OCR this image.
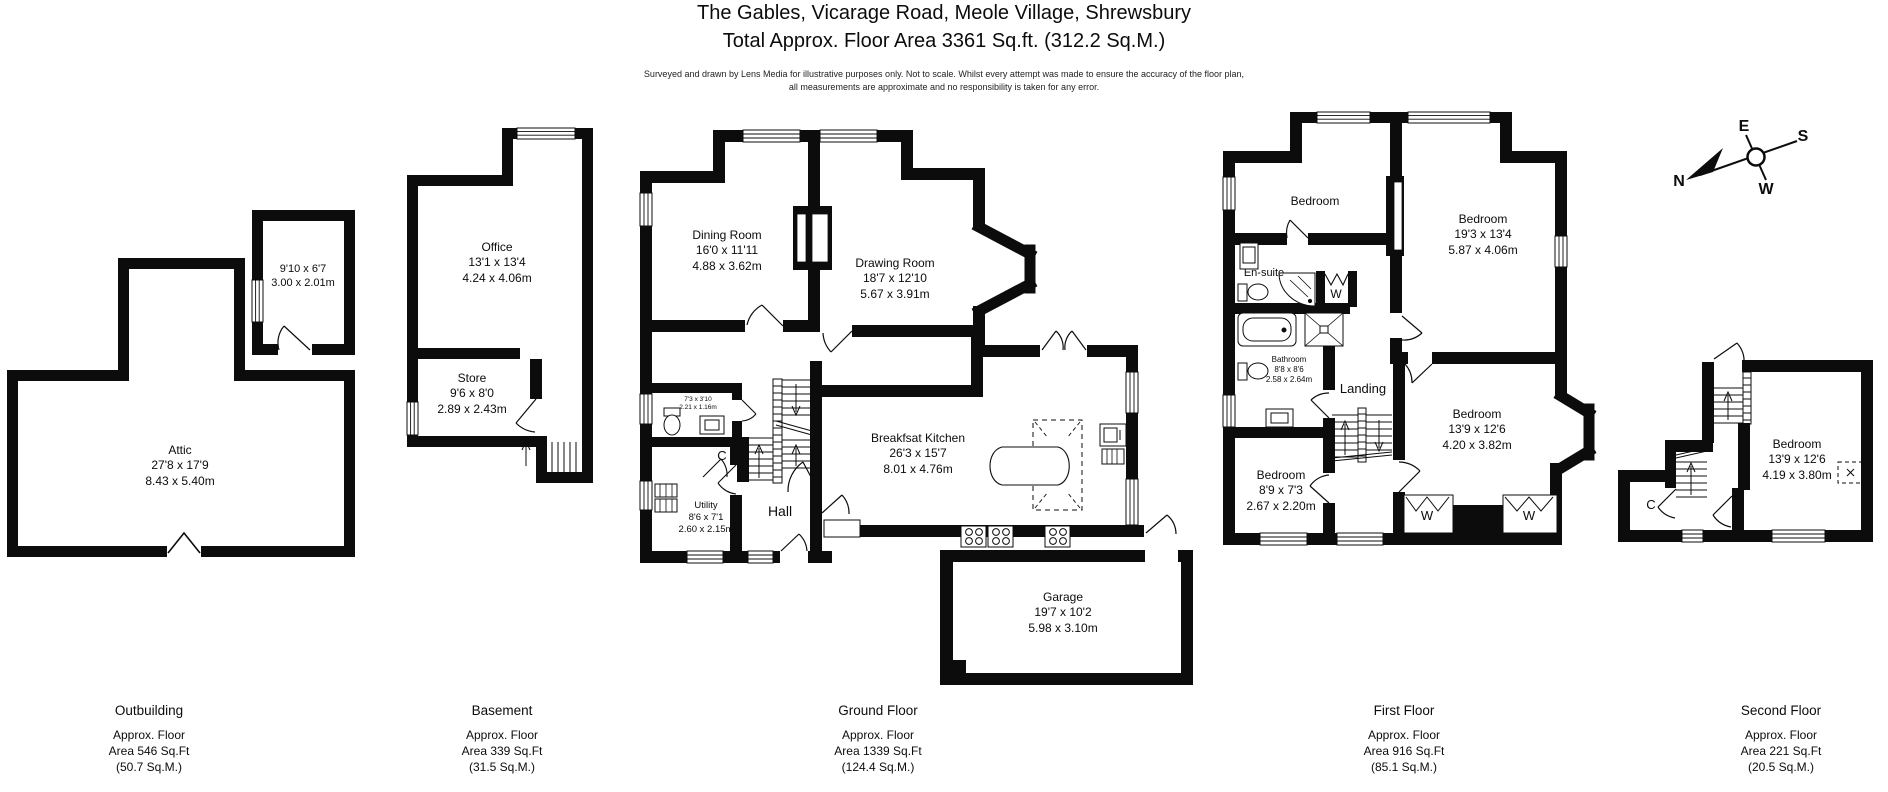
The Gables, Vicarage Road, Meole Village, Shrewsbury
Total Approx. Floor Area 3361 Sq.ft. (312.2 Sq.M.)
Surveyed and drawn by Lens Media for illustrative purposes only. Not to scale. Whilst every attempt was made to ensure the accuracy of the floor plan,
all measurements are approximate and no responsibility is taken for any error.
N
E
S
W
9'10 x 6'7
3.00 x 2.01m
Attic
27'8 x 17'9
8.43 x 5.40m
Office
13'1 x 13'4
4.24 x 4.06m
Store
9'6 x 8'0
2.89 x 2.43m
Dining Room
16'0 x 11'11
4.88 x 3.62m	Drawing Room
18'7 x 12'10
5.67 x 3.91m
WC
7'3 x 3'10
2.21 x 1.16m
C
Utility
8'6 x 7'1
2.60 x 2.15m
Hall
Breakfsat Kitchen
26'3 x 15'7
8.01 x 4.76m
Garage
19'7 x 10'2
5.98 x 3.10m
Bedroom
Bedroom
19'3 x 13'4
5.87 x 4.06m
En-suite
W
Bathroom
8'8 x 8'6
2.58 x 2.64m
Landing
Bedroom
13'9 x 12'6
4.20 x 3.82m
Bedroom
8'9 x 7'3
2.67 x 2.20m
W	W
Bedroom
13'9 x 12'6
4.19 x 3.80m
C
Outbuilding
Approx. Floor
Area 546 Sq.Ft
(50.7 Sq.M.)
Basement
Approx. Floor
Area 339 Sq.Ft
(31.5 Sq.M.)
Ground Floor
Approx. Floor
Area 1339 Sq.Ft
(124.4 Sq.M.)
First Floor
Approx. Floor
Area 916 Sq.Ft
(85.1 Sq.M.)
Second Floor
Approx. Floor
Area 221 Sq.Ft
(20.5 Sq.M.)
